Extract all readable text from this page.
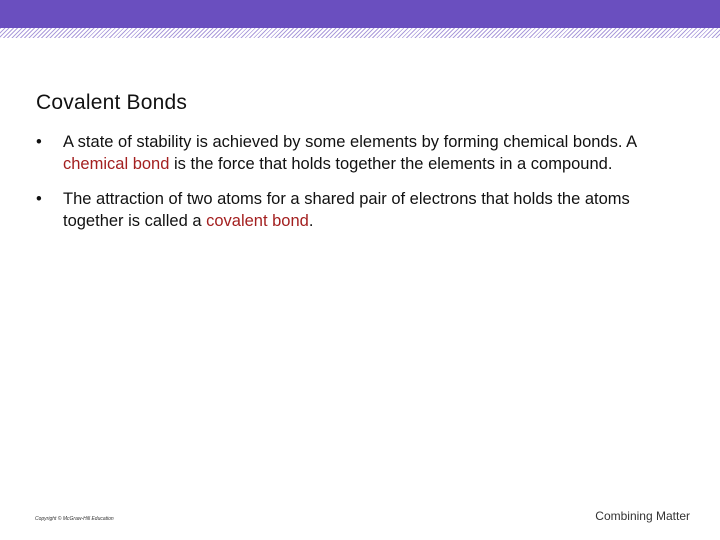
Covalent Bonds
• A state of stability is achieved by some elements by forming chemical bonds. A chemical bond is the force that holds together the elements in a compound.
• The attraction of two atoms for a shared pair of electrons that holds the atoms together is called a covalent bond.
Copyright © McGraw-Hill Education	Combining Matter
